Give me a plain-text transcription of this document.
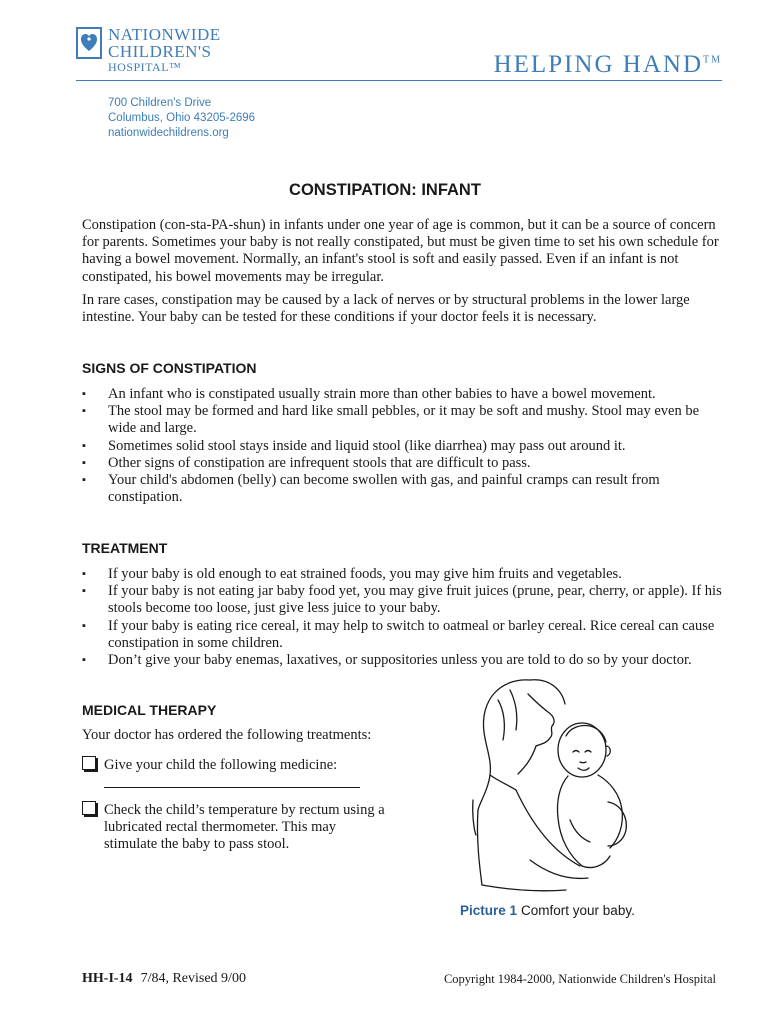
NATIONWIDE
CHILDREN'S
HOSPITAL™	HELPING HAND™
700 Children's Drive
Columbus, Ohio 43205-2696
nationwidechildrens.org
CONSTIPATION: INFANT

Constipation (con-sta-PA-shun) in infants under one year of age is common, but it can be a source of concern for parents. Sometimes your baby is not really constipated, but must be given time to set his own schedule for having a bowel movement. Normally, an infant's stool is soft and easily passed. Even if an infant is not constipated, his bowel movements may be irregular.

In rare cases, constipation may be caused by a lack of nerves or by structural problems in the lower large intestine. Your baby can be tested for these conditions if your doctor feels it is necessary.

SIGNS OF CONSTIPATION
▪ An infant who is constipated usually strain more than other babies to have a bowel movement.
▪ The stool may be formed and hard like small pebbles, or it may be soft and mushy. Stool may even be wide and large.
▪ Sometimes solid stool stays inside and liquid stool (like diarrhea) may pass out around it.
▪ Other signs of constipation are infrequent stools that are difficult to pass.
▪ Your child's abdomen (belly) can become swollen with gas, and painful cramps can result from constipation.
TREATMENT
▪ If your baby is old enough to eat strained foods, you may give him fruits and vegetables.
▪ If your baby is not eating jar baby food yet, you may give fruit juices (prune, pear, cherry, or apple). If his stools become too loose, just give less juice to your baby.
▪ If your baby is eating rice cereal, it may help to switch to oatmeal or barley cereal. Rice cereal can cause constipation in some children.
▪ Don’t give your baby enemas, laxatives, or suppositories unless you are told to do so by your doctor.
MEDICAL THERAPY
Your doctor has ordered the following treatments:
Give your child the following medicine:
Check the child’s temperature by rectum using a
lubricated rectal thermometer. This may
stimulate the baby to pass stool.
Picture 1 Comfort your baby.
HH-I-14 7/84, Revised 9/00	Copyright 1984-2000, Nationwide Children's Hospital
